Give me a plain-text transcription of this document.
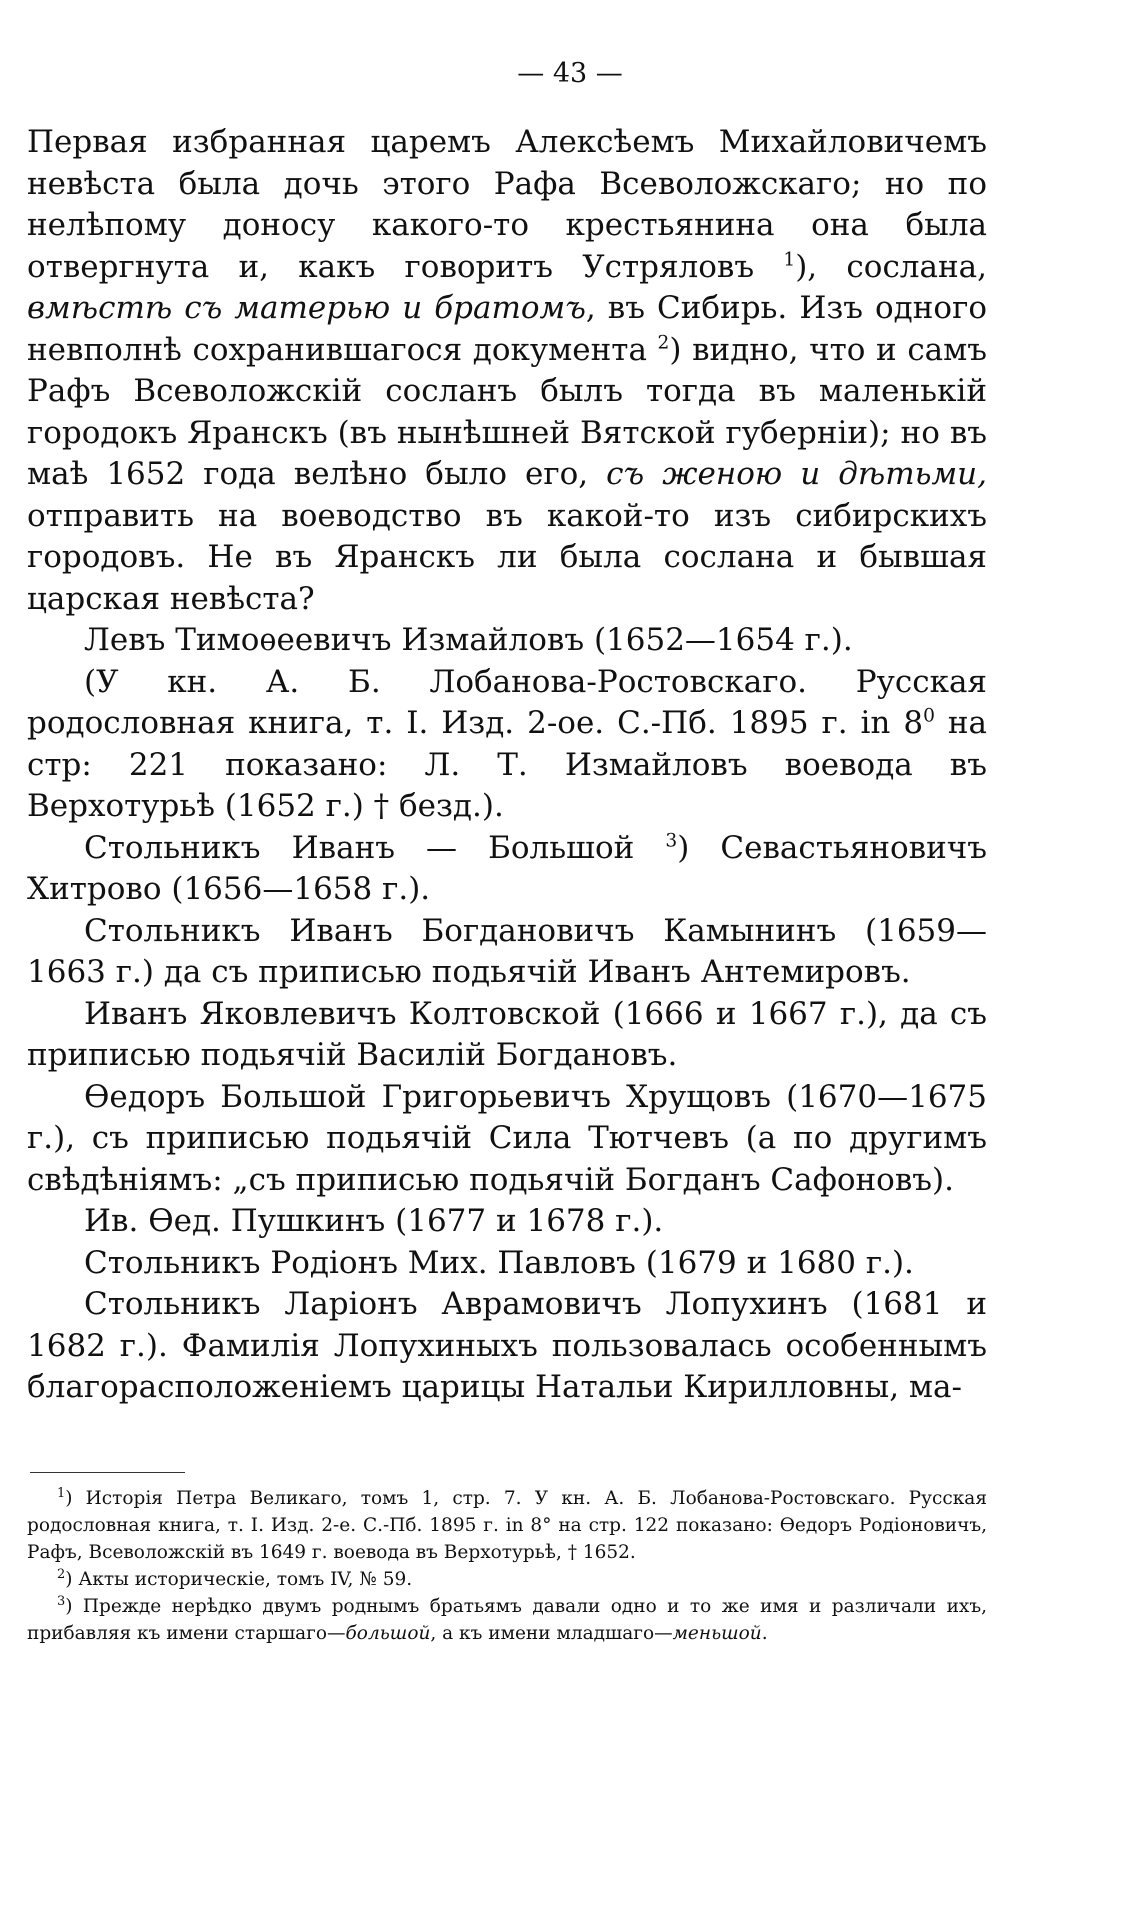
— 43 —

Первая избранная царемъ Алексѣемъ Михайловичемъ невѣста была дочь этого Рафа Всеволожскаго; но по нелѣпому доносу какого-то крестьянина она была отвергнута и, какъ говоритъ Устряловъ $^1$), сослана, вмѣстѣ съ матерью и братомъ, въ Сибирь. Изъ одного невполнѣ сохранившагося документа $^2$) видно, что и самъ Рафъ Всеволожскій сосланъ былъ тогда въ маленькій городокъ Яранскъ (въ нынѣшней Вятской губерніи); но въ маѣ 1652 года велѣно было его, съ женою и дѣтьми, отправить на воеводство въ какой-то изъ сибирскихъ городовъ. Не въ Яранскъ ли была сослана и бывшая царская невѣста?

Левъ Тимоѳеевичъ Измайловъ (1652—1654 г.).

(У кн. А. Б. Лобанова-Ростовскаго. Русская родословная книга, т. I. Изд. 2-ое. С.-Пб. 1895 г. in $8^0$ на стр: 221 показано: Л. Т. Измайловъ воевода въ Верхотурьѣ (1652 г.) † безд.).

Стольникъ Иванъ — Большой $^3$) Севастьяновичъ Хитрово (1656—1658 г.).

Стольникъ Иванъ Богдановичъ Камынинъ (1659—1663 г.) да съ приписью подьячій Иванъ Антемировъ.

Иванъ Яковлевичъ Колтовской (1666 и 1667 г.), да съ приписью подьячій Василій Богдановъ.

Ѳедоръ Большой Григорьевичъ Хрущовъ (1670—1675 г.), съ приписью подьячій Сила Тютчевъ (а по другимъ свѣдѣніямъ: „съ приписью подьячій Богданъ Сафоновъ).

Ив. Ѳед. Пушкинъ (1677 и 1678 г.).

Стольникъ Родіонъ Мих. Павловъ (1679 и 1680 г.).

Стольникъ Ларіонъ Аврамовичъ Лопухинъ (1681 и 1682 г.). Фамилія Лопухиныхъ пользовалась особеннымъ благорасположеніемъ царицы Натальи Кирилловны, ма-

$^1$) Исторія Петра Великаго, томъ 1, стр. 7. У кн. А. Б. Лобанова-Ростовскаго. Русская родословная книга, т. I. Изд. 2-е. С.-Пб. 1895 г. in 8° на стр. 122 показано: Ѳедоръ Родіоновичъ, Рафъ, Всеволожскій въ 1649 г. воевода въ Верхотурьѣ, † 1652.

$^2$) Акты историческіе, томъ IV, № 59.

$^3$) Прежде нерѣдко двумъ роднымъ братьямъ давали одно и то же имя и различали ихъ, прибавляя къ имени старшаго—большой, а къ имени младшаго—меньшой.
